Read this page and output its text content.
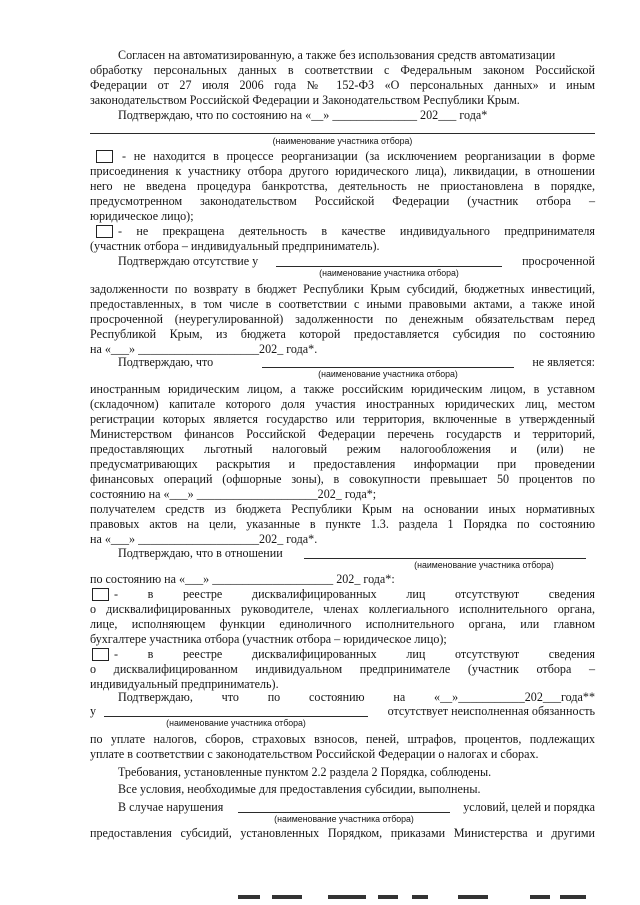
Согласен на автоматизированную, а также без использования средств автоматизации
обработку персональных данных в соответствии с Федеральным законом Российской
Федерации от 27 июля 2006 года № 152-ФЗ «О персональных данных» и иным
законодательством Российской Федерации и Законодательством Республики Крым.
Подтверждаю, что по состоянию на «__» ______________ 202___ года*
(наименование участника отбора)
- не находится в процессе реорганизации (за исключением реорганизации в форме
присоединения к участнику отбора другого юридического лица), ликвидации, в отношении
него не введена процедура банкротства, деятельность не приостановлена в порядке,
предусмотренном законодательством Российской Федерации (участник отбора –
юридическое лицо);
- не прекращена деятельность в качестве индивидуального предпринимателя
(участник отбора – индивидуальный предприниматель).
Подтверждаю отсутствие у	просроченной
(наименование участника отбора)
задолженности по возврату в бюджет Республики Крым субсидий, бюджетных инвестиций,
предоставленных, в том числе в соответствии с иными правовыми актами, а также иной
просроченной (неурегулированной) задолженности по денежным обязательствам перед
Республикой Крым, из бюджета которой предоставляется субсидия по состоянию
на «___» ____________________202_ года*.
Подтверждаю, что	не является:
(наименование участника отбора)
иностранным юридическим лицом, а также российским юридическим лицом, в уставном
(складочном) капитале которого доля участия иностранных юридических лиц, местом
регистрации которых является государство или территория, включенные в утвержденный
Министерством финансов Российской Федерации перечень государств и территорий,
предоставляющих льготный налоговый режим налогообложения и (или) не
предусматривающих раскрытия и предоставления информации при проведении
финансовых операций (офшорные зоны), в совокупности превышает 50 процентов по
состоянию на «___» ____________________202_ года*;
получателем средств из бюджета Республики Крым на основании иных нормативных
правовых актов на цели, указанные в пункте 1.3. раздела 1 Порядка по состоянию
на «___» ____________________202_ года*.
Подтверждаю, что в отношении
(наименование участника отбора)
по состоянию на «___» ____________________ 202_ года*:
- в реестре дисквалифицированных лиц отсутствуют сведения
о дисквалифицированных руководителе, членах коллегиального исполнительного органа,
лице, исполняющем функции единоличного исполнительного органа, или главном
бухгалтере участника отбора (участник отбора – юридическое лицо);
- в реестре дисквалифицированных лиц отсутствуют сведения
о дисквалифицированном индивидуальном предпринимателе (участник отбора –
индивидуальный предприниматель).
Подтверждаю, что по состоянию на «__»___________202___года**
у	отсутствует неисполненная обязанность
(наименование участника отбора)
по уплате налогов, сборов, страховых взносов, пеней, штрафов, процентов, подлежащих
уплате в соответствии с законодательством Российской Федерации о налогах и сборах.
Требования, установленные пунктом 2.2 раздела 2 Порядка, соблюдены.
Все условия, необходимые для предоставления субсидии, выполнены.
В случае нарушения	условий, целей и порядка
(наименование участника отбора)
предоставления субсидий, установленных Порядком, приказами Министерства и другими
